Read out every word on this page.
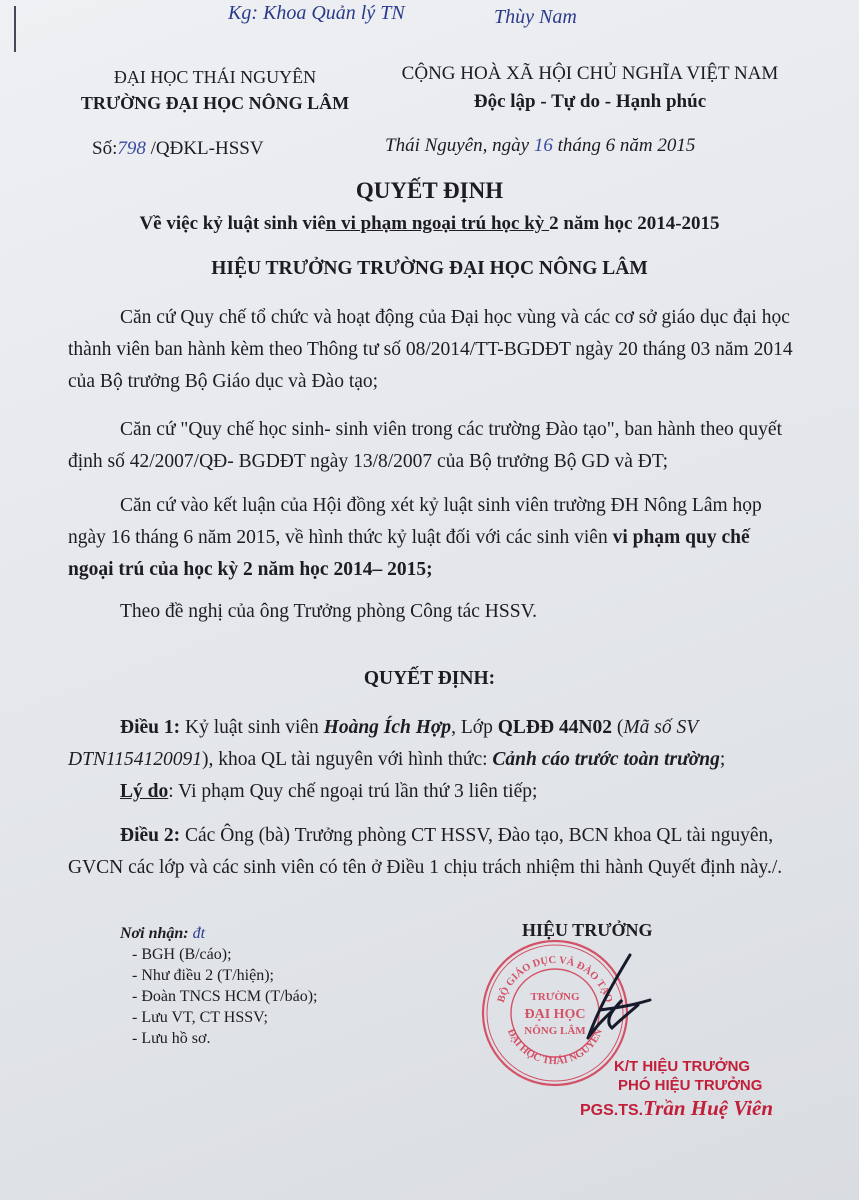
Kg: Khoa Quản lý TN	Thùy Nam
ĐẠI HỌC THÁI NGUYÊN
TRƯỜNG ĐẠI HỌC NÔNG LÂM
CỘNG HOÀ XÃ HỘI CHỦ NGHĨA VIỆT NAM
Độc lập - Tự do - Hạnh phúc
Số:798 /QĐKL-HSSV	Thái Nguyên, ngày 16 tháng 6 năm 2015
QUYẾT ĐỊNH
Về việc kỷ luật sinh viên vi phạm ngoại trú học kỳ 2 năm học 2014-2015
HIỆU TRƯỞNG TRƯỜNG ĐẠI HỌC NÔNG LÂM
Căn cứ Quy chế tổ chức và hoạt động của Đại học vùng và các cơ sở giáo dục đại học thành viên ban hành kèm theo Thông tư số 08/2014/TT-BGDĐT ngày 20 tháng 03 năm 2014 của Bộ trưởng Bộ Giáo dục và Đào tạo;
Căn cứ "Quy chế học sinh- sinh viên trong các trường Đào tạo", ban hành theo quyết định số 42/2007/QĐ- BGDĐT ngày 13/8/2007 của Bộ trưởng Bộ GD và ĐT;
Căn cứ vào kết luận của Hội đồng xét kỷ luật sinh viên trường ĐH Nông Lâm họp ngày 16 tháng 6 năm 2015, về hình thức kỷ luật đối với các sinh viên vi phạm quy chế ngoại trú của học kỳ 2 năm học 2014– 2015;
Theo đề nghị của ông Trưởng phòng Công tác HSSV.
QUYẾT ĐỊNH:
Điều 1: Kỷ luật sinh viên Hoàng Ích Hợp, Lớp QLĐĐ 44N02 (Mã số SV DTN1154120091), khoa QL tài nguyên với hình thức: Cảnh cáo trước toàn trường;
Lý do: Vi phạm Quy chế ngoại trú lần thứ 3 liên tiếp;
Điều 2: Các Ông (bà) Trưởng phòng CT HSSV, Đào tạo, BCN khoa QL tài nguyên, GVCN các lớp và các sinh viên có tên ở Điều 1 chịu trách nhiệm thi hành Quyết định này./.
Nơi nhận: đt
- BGH (B/cáo);
- Như điều 2 (T/hiện);
- Đoàn TNCS HCM (T/báo);
- Lưu VT, CT HSSV;
- Lưu hồ sơ.
HIỆU TRƯỞNG
BỘ GIÁO DỤC VÀ ĐÀO TẠO
ĐẠI HỌC THÁI NGUYÊN
TRƯỜNG
ĐẠI HỌC
NÔNG LÂM
K/T HIỆU TRƯỞNG
PHÓ HIỆU TRƯỞNG
PGS.TS.Trần Huệ Viên
